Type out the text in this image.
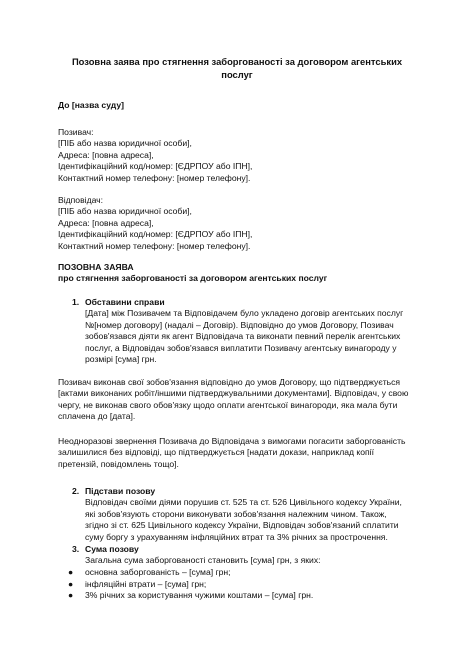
Позовна заява про стягнення заборгованості за договором агентських
послуг
До [назва суду]
Позивач:
[ПІБ або назва юридичної особи],
Адреса: [повна адреса],
Ідентифікаційний код/номер: [ЄДРПОУ або ІПН],
Контактний номер телефону: [номер телефону].
Відповідач:
[ПІБ або назва юридичної особи],
Адреса: [повна адреса],
Ідентифікаційний код/номер: [ЄДРПОУ або ІПН],
Контактний номер телефону: [номер телефону].
ПОЗОВНА ЗАЯВА
про стягнення заборгованості за договором агентських послуг
1. Обставини справи
[Дата] між Позивачем та Відповідачем було укладено договір агентських послуг
№[номер договору] (надалі – Договір). Відповідно до умов Договору, Позивач
зобов'язався діяти як агент Відповідача та виконати певний перелік агентських
послуг, а Відповідач зобов'язався виплатити Позивачу агентську винагороду у
розмірі [сума] грн.
Позивач виконав свої зобов'язання відповідно до умов Договору, що підтверджується
[актами виконаних робіт/іншими підтверджувальними документами]. Відповідач, у свою
чергу, не виконав свого обов'язку щодо оплати агентської винагороди, яка мала бути
сплачена до [дата].
Неодноразові звернення Позивача до Відповідача з вимогами погасити заборгованість
залишилися без відповіді, що підтверджується [надати докази, наприклад копії
претензій, повідомлень тощо].
2. Підстави позову
Відповідач своїми діями порушив ст. 525 та ст. 526 Цивільного кодексу України,
які зобов'язують сторони виконувати зобов'язання належним чином. Також,
згідно зі ст. 625 Цивільного кодексу України, Відповідач зобов'язаний сплатити
суму боргу з урахуванням інфляційних втрат та 3% річних за прострочення.
3. Сума позову
Загальна сума заборгованості становить [сума] грн, з яких:
● основна заборгованість – [сума] грн;
● інфляційні втрати – [сума] грн;
● 3% річних за користування чужими коштами – [сума] грн.
